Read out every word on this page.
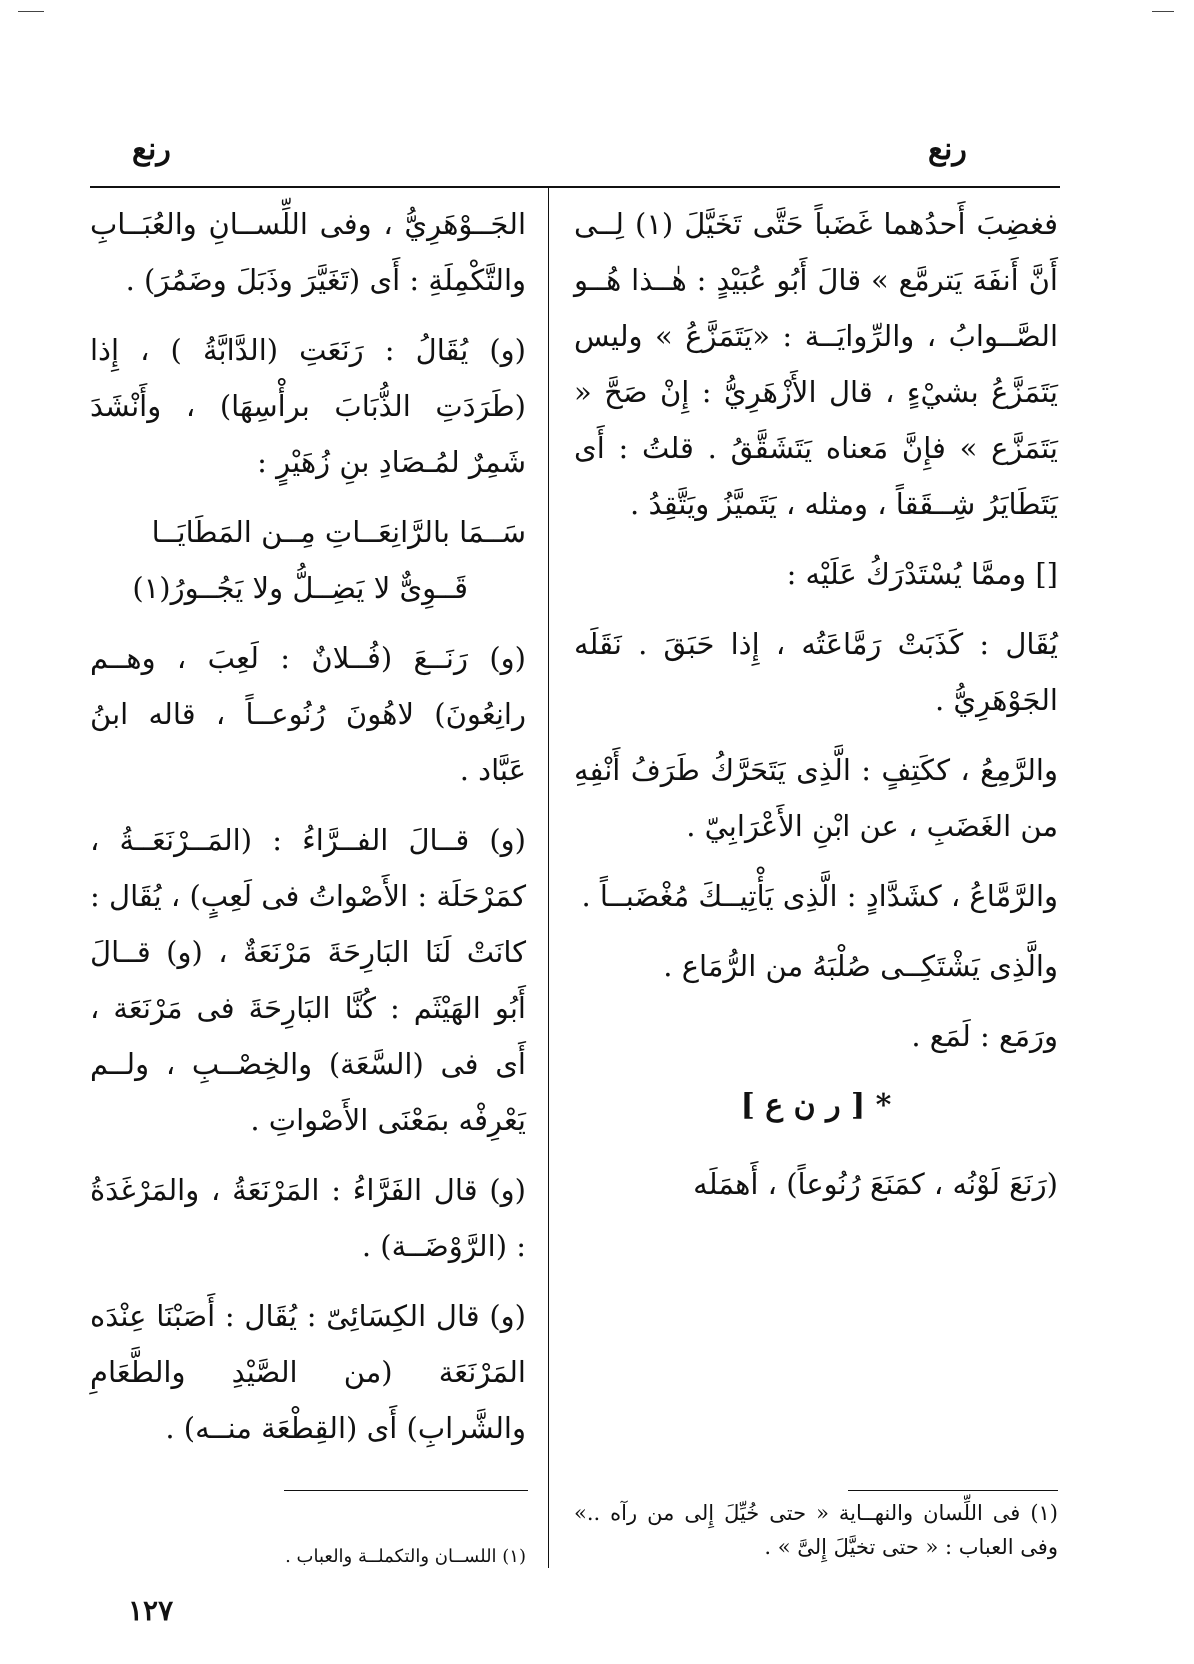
رنع
رنع

فغضِبَ أَحدُهما غَضَباً حَتَّى تَخَيَّلَ (١) لِــى أَنَّ أَنفَهَ يَترمَّع » قالَ أَبُو عُبَيْدٍ : هٰــذا هُــو الصَّــوابُ ، والرِّوايَــة : «يَتَمَزَّعُ » وليس يَتَمَزَّعُ بشيْءٍ ، قال الأَزْهَرِيُّ : إِنْ صَحَّ « يَتَمَزَّع » فإِنَّ مَعناه يَتَشَقَّقُ . قلتُ : أَى يَتَطَايَرُ شِــقَقاً ، ومثله ، يَتَميَّزُ ويَتَّقِدُ .

[] وممَّا يُسْتَدْرَكُ عَلَيْه :

يُقَال : كَذَبَتْ رَمَّاعَتُه ، إِذا حَبَقَ . نَقَلَه الجَوْهَرِيُّ .

والرَّمِعُ ، ككَتِفٍ : الَّذِى يَتَحَرَّكُ طَرَفُ أَنْفِهِ من الغَضَبِ ، عن ابْنِ الأَعْرَابِيّ .

والرَّمَّاعُ ، كشَدَّادٍ : الَّذِى يَأْتِيــكَ مُغْضَبــاً .

والَّذِى يَشْتَكِــى صُلْبَهُ من الرُّمَاع .

ورَمَع : لَمَع .

* [ ر ن ع ]

(رَنَعَ لَوْنُه ، كمَنَعَ رُنُوعاً) ، أَهمَلَه

الجَــوْهَرِيُّ ، وفى اللِّســانِ والعُبَــابِ والتَّكْمِلَةِ : أَى (تَغَيَّرَ وذَبَلَ وضَمُرَ) .

(و) يُقَالُ : رَنَعَتِ (الدَّابَّةُ ) ، إِذا (طَرَدَتِ الذُّبَابَ برأْسِهَا) ، وأَنْشَدَ شَمِرٌ لمُـصَادِ بنِ زُهَيْرٍ :

سَــمَا بالرَّانِعَــاتِ مِــن المَطَايَــا

قَــوِىٌّ لا يَضِــلُّ ولا يَجُــورُ(١)

(و) رَنَــعَ (فُــلانٌ : لَعِبَ ، وهــم رانِعُونَ) لاهُونَ رُنُوعــاً ، قاله ابنُ عَبَّاد .

(و) قــالَ الفــرَّاءُ : (المَــرْنَعَــةُ ، كمَرْحَلَة : الأَصْواتُ فى لَعِبٍ) ، يُقَال : كانَتْ لَنَا البَارِحَةَ مَرْنَعَةٌ ، (و) قــالَ أَبُو الهَيْثَم : كُنَّا البَارِحَةَ فى مَرْنَعَة ، أَى فى (السَّعَة) والخِصْــبِ ، ولــم يَعْرِفْه بمَعْنَى الأَصْواتِ .

(و) قال الفَرَّاءُ : المَرْنَعَةُ ، والمَرْغَدَةُ : (الرَّوْضَــة) .

(و) قال الكِسَائِىّ : يُقَال : أَصَبْنَا عِنْدَه المَرْنَعَة (من الصَّيْدِ والطَّعَامِ والشَّرابِ) أَى (القِطْعَة منــه) .

(١) فى اللِّسان والنهــاية « حتى خُيِّلَ إِلى من رآه ..» وفى العباب : « حتى تخيَّلَ إِلىَّ » .
(١) اللســان والتكملــة والعباب .
١٢٧
